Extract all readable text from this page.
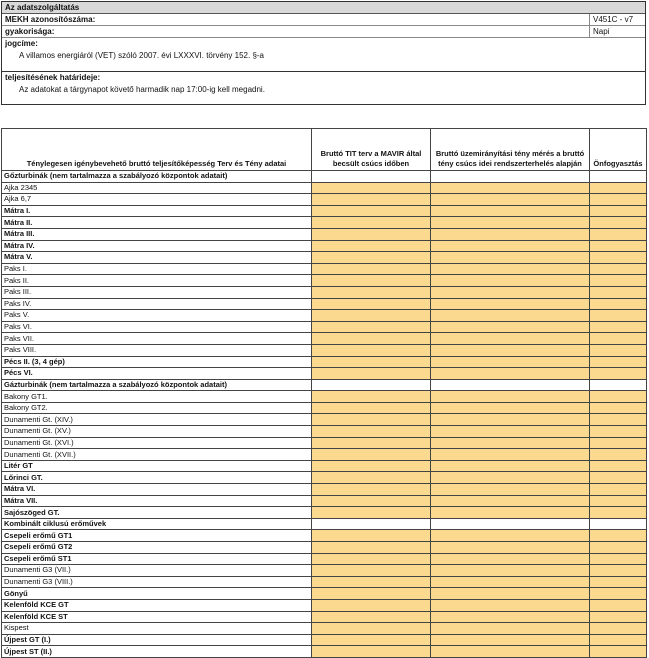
Az adatszolgáltatás
MEKH azonosítószáma:	V451C - v7
gyakorisága:	Napi
jogcíme:
A villamos energiáról (VET) szóló 2007. évi LXXXVI. törvény 152. §-a
teljesítésének határideje:
Az adatokat a tárgynapot követő harmadik nap 17:00-ig kell megadni.
Ténylegesen igénybevehető bruttó teljesítőképesség Terv és Tény adatai	Bruttó TIT terv a MAVIR által becsült csúcs időben	Bruttó üzemirányítási tény mérés a bruttó tény csúcs idei rendszerterhelés alapján	Önfogyasztás
Gőzturbinák (nem tartalmazza a szabályozó központok adatait)			
Ajka 2345			
Ajka 6,7			
Mátra I.			
Mátra II.			
Mátra III.			
Mátra IV.			
Mátra V.			
Paks I.			
Paks II.			
Paks III.			
Paks IV.			
Paks V.			
Paks VI.			
Paks VII.			
Paks VIII.			
Pécs II. (3, 4 gép)			
Pécs VI.			
Gázturbinák (nem tartalmazza a szabályozó központok adatait)			
Bakony GT1.			
Bakony GT2.			
Dunamenti Gt. (XIV.)			
Dunamenti Gt. (XV.)			
Dunamenti Gt. (XVI.)			
Dunamenti Gt. (XVII.)			
Litér GT			
Lőrinci GT.			
Mátra VI.			
Mátra VII.			
Sajószöged GT.			
Kombinált ciklusú erőművek			
Csepeli erőmű GT1			
Csepeli erőmű GT2			
Csepeli erőmű ST1			
Dunamenti G3 (VII.)			
Dunamenti G3 (VIII.)			
Gönyű			
Kelenföld KCE GT			
Kelenföld KCE ST			
Kispest			
Újpest GT (I.)			
Újpest ST (II.)			
